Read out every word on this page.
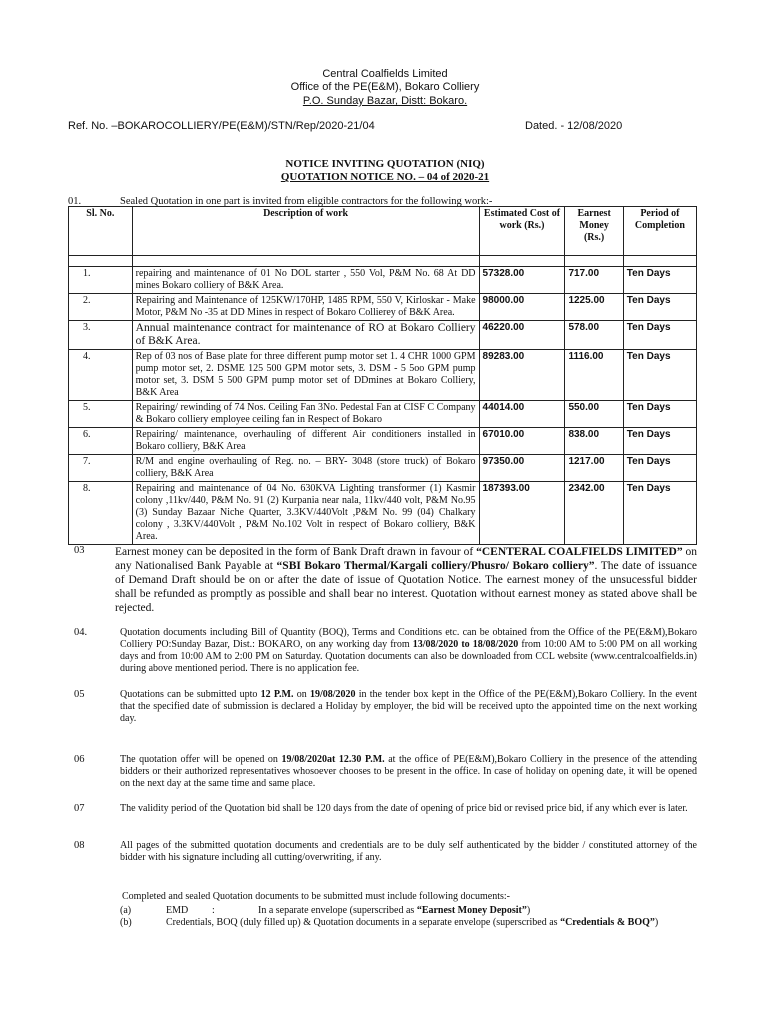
Central Coalfields Limited
Office of the PE(E&M), Bokaro Colliery
P.O. Sunday Bazar, Distt: Bokaro.
Ref. No. –BOKAROCOLLIERY/PE(E&M)/STN/Rep/2020-21/04	Dated. - 12/08/2020
NOTICE INVITING QUOTATION (NIQ)
QUOTATION NOTICE NO. – 04 of 2020-21
01.	Sealed Quotation in one part is invited from eligible contractors for the following work:-
Sl. No.	Description of work	Estimated Cost of work (Rs.)	Earnest Money (Rs.)	Period of Completion

1.	repairing and maintenance of 01 No DOL starter , 550 Vol, P&M No. 68 At DD mines Bokaro colliery of B&K Area.	57328.00	717.00	Ten Days
2.	Repairing and Maintenance of 125KW/170HP, 1485 RPM, 550 V, Kirloskar - Make Motor, P&M No -35 at DD Mines in respect of Bokaro Collierey of B&K Area.	98000.00	1225.00	Ten Days
3.	Annual maintenance contract for maintenance of RO at Bokaro Colliery of B&K Area.	46220.00	578.00	Ten Days
4.	Rep of 03 nos of Base plate for three different pump motor set 1. 4 CHR 1000 GPM pump motor set, 2. DSME 125 500 GPM motor sets, 3. DSM - 5 5oo GPM pump motor set, 3. DSM 5 500 GPM pump motor set of DDmines at Bokaro Colliery, B&K Area	89283.00	1116.00	Ten Days
5.	Repairing/ rewinding of 74 Nos. Ceiling Fan 3No. Pedestal Fan at CISF C Company & Bokaro colliery employee ceiling fan in Respect of Bokaro	44014.00	550.00	Ten Days
6.	Repairing/ maintenance, overhauling of different Air conditioners installed in Bokaro colliery, B&K Area	67010.00	838.00	Ten Days
7.	R/M and engine overhauling of Reg. no. – BRY- 3048 (store truck) of Bokaro colliery, B&K Area	97350.00	1217.00	Ten Days
8.	Repairing and maintenance of 04 No. 630KVA Lighting transformer (1) Kasmir colony ,11kv/440, P&M No. 91 (2) Kurpania near nala, 11kv/440 volt, P&M No.95 (3) Sunday Bazaar Niche Quarter, 3.3KV/440Volt ,P&M No. 99 (04) Chalkary colony , 3.3KV/440Volt , P&M No.102 Volt in respect of Bokaro colliery, B&K Area.	187393.00	2342.00	Ten Days
03	Earnest money can be deposited in the form of Bank Draft drawn in favour of “CENTERAL COALFIELDS LIMITED” on any Nationalised Bank Payable at “SBI Bokaro Thermal/Kargali colliery/Phusro/ Bokaro colliery”. The date of issuance of Demand Draft should be on or after the date of issue of Quotation Notice. The earnest money of the unsucessful bidder shall be refunded as promptly as possible and shall bear no interest. Quotation without earnest money as stated above shall be rejected.
04.	Quotation documents including Bill of Quantity (BOQ), Terms and Conditions etc. can be obtained from the Office of the PE(E&M),Bokaro Colliery PO:Sunday Bazar, Dist.: BOKARO, on any working day from 13/08/2020 to 18/08/2020 from 10:00 AM to 5:00 PM on all working days and from 10:00 AM to 2:00 PM on Saturday. Quotation documents can also be downloaded from CCL website (www.centralcoalfields.in) during above mentioned period. There is no application fee.
05	Quotations can be submitted upto 12 P.M. on 19/08/2020 in the tender box kept in the Office of the PE(E&M),Bokaro Colliery. In the event that the specified date of submission is declared a Holiday by employer, the bid will be received upto the appointed time on the next working day.
06	The quotation offer will be opened on 19/08/2020at 12.30 P.M. at the office of PE(E&M),Bokaro Colliery in the presence of the attending bidders or their authorized representatives whosoever chooses to be present in the office. In case of holiday on opening date, it will be opened on the next day at the same time and same place.
07	The validity period of the Quotation bid shall be 120 days from the date of opening of price bid or revised price bid, if any which ever is later.
08	All pages of the submitted quotation documents and credentials are to be duly self authenticated by the bidder / constituted attorney of the bidder with his signature including all cutting/overwriting, if any.
Completed and sealed Quotation documents to be submitted must include following documents:-
(a)	EMD :	In a separate envelope (superscribed as “Earnest Money Deposit”)
(b)	Credentials, BOQ (duly filled up) & Quotation documents in a separate envelope (superscribed as “Credentials & BOQ”)
